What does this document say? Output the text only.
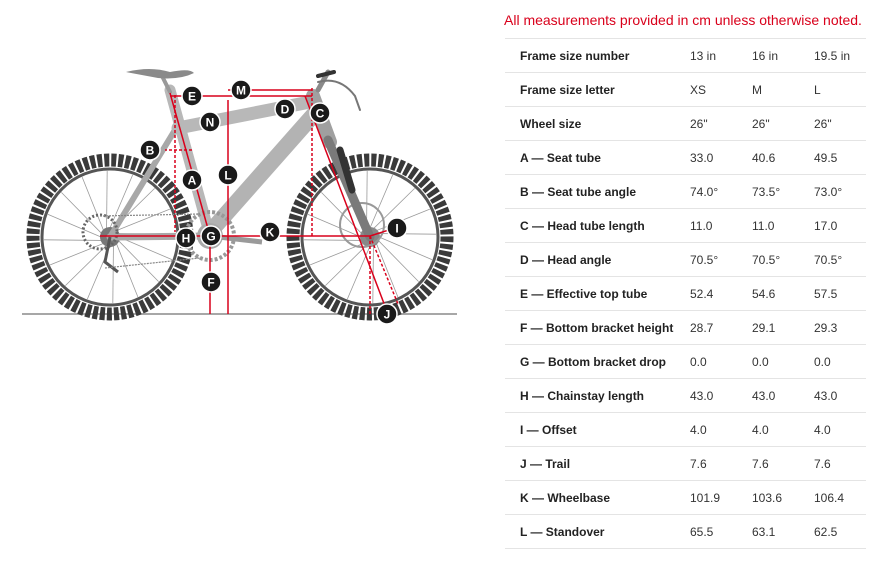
A
B
C
D
E
F
G
H
I
J
K
L
M
N
All measurements provided in cm unless otherwise noted.
Frame size number	13 in	16 in	19.5 in
Frame size letter	XS	M	L
Wheel size	26"	26"	26"
A — Seat tube	33.0	40.6	49.5
B — Seat tube angle	74.0°	73.5°	73.0°
C — Head tube length	11.0	11.0	17.0
D — Head angle	70.5°	70.5°	70.5°
E — Effective top tube	52.4	54.6	57.5
F — Bottom bracket height	28.7	29.1	29.3
G — Bottom bracket drop	0.0	0.0	0.0
H — Chainstay length	43.0	43.0	43.0
I — Offset	4.0	4.0	4.0
J — Trail	7.6	7.6	7.6
K — Wheelbase	101.9	103.6	106.4
L — Standover	65.5	63.1	62.5
